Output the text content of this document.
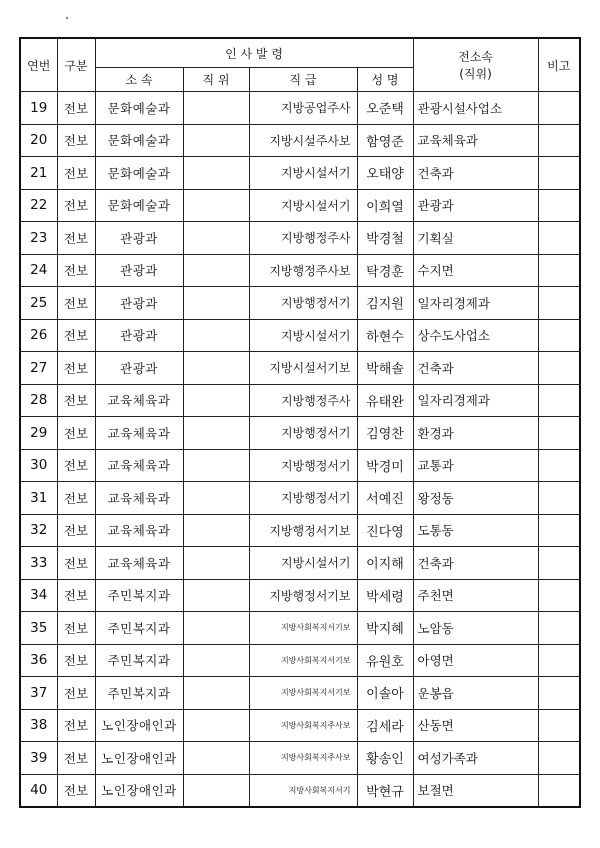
연번	구분	인 사 발 령				전소속
(직위)	비고
		소 속	직 위	직 급	성 명		
19	전보	문화예술과		지방공업주사	오준택	관광시설사업소	
20	전보	문화예술과		지방시설주사보	함영준	교육체육과	
21	전보	문화예술과		지방시설서기	오태양	건축과	
22	전보	문화예술과		지방시설서기	이희열	관광과	
23	전보	관광과		지방행정주사	박경철	기획실	
24	전보	관광과		지방행정주사보	탁경훈	수지면	
25	전보	관광과		지방행정서기	김지원	일자리경제과	
26	전보	관광과		지방시설서기	하현수	상수도사업소	
27	전보	관광과		지방시설서기보	박해솔	건축과	
28	전보	교육체육과		지방행정주사	유태완	일자리경제과	
29	전보	교육체육과		지방행정서기	김영찬	환경과	
30	전보	교육체육과		지방행정서기	박경미	교통과	
31	전보	교육체육과		지방행정서기	서예진	왕정동	
32	전보	교육체육과		지방행정서기보	진다영	도통동	
33	전보	교육체육과		지방시설서기	이지해	건축과	
34	전보	주민복지과		지방행정서기보	박세령	주천면	
35	전보	주민복지과		지방사회복지서기보	박지혜	노암동	
36	전보	주민복지과		지방사회복지서기보	유원호	아영면	
37	전보	주민복지과		지방사회복지서기보	이솔아	운봉읍	
38	전보	노인장애인과		지방사회복지주사보	김세라	산동면	
39	전보	노인장애인과		지방사회복지주사보	황송인	여성가족과	
40	전보	노인장애인과		지방사회복지서기	박현규	보절면	
